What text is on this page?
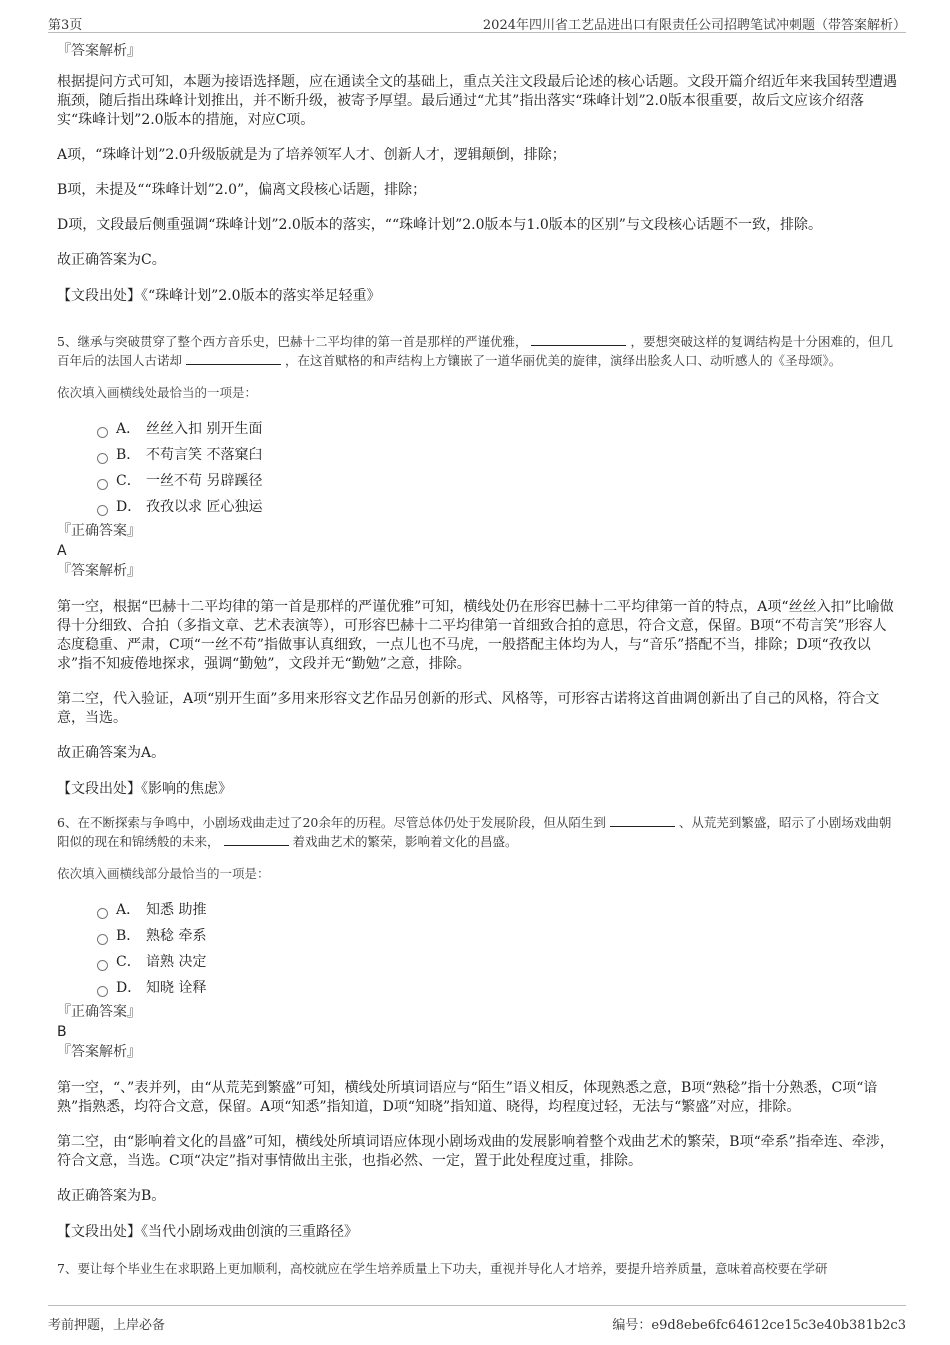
第3页	2024年四川省工艺品进出口有限责任公司招聘笔试冲刺题（带答案解析）

『答案解析』

根据提问方式可知，本题为接语选择题，应在通读全文的基础上，重点关注文段最后论述的核心话题。文段开篇介绍近年来我国转型遭遇瓶颈，随后指出珠峰计划推出，并不断升级，被寄予厚望。最后通过“尤其”指出落实“珠峰计划”2.0版本很重要，故后文应该介绍落实“珠峰计划”2.0版本的措施，对应C项。

A项，“珠峰计划”2.0升级版就是为了培养领军人才、创新人才，逻辑颠倒，排除；

B项，未提及““珠峰计划”2.0”，偏离文段核心话题，排除；

D项，文段最后侧重强调“珠峰计划”2.0版本的落实，““珠峰计划”2.0版本与1.0版本的区别”与文段核心话题不一致，排除。

故正确答案为C。

【文段出处】《“珠峰计划”2.0版本的落实举足轻重》

5、继承与突破贯穿了整个西方音乐史，巴赫十二平均律的第一首是那样的严谨优雅，	，要想突破这样的复调结构是十分困难的，但几百年后的法国人古诺却	，在这首赋格的和声结构上方镶嵌了一道华丽优美的旋律，演绎出脍炙人口、动听感人的《圣母颂》。

依次填入画横线处最恰当的一项是：

A． 丝丝入扣 别开生面
B． 不苟言笑 不落窠臼
C． 一丝不苟 另辟蹊径
D． 孜孜以求 匠心独运

『正确答案』

A

『答案解析』

第一空，根据“巴赫十二平均律的第一首是那样的严谨优雅”可知，横线处仍在形容巴赫十二平均律第一首的特点，A项“丝丝入扣”比喻做得十分细致、合拍（多指文章、艺术表演等），可形容巴赫十二平均律第一首细致合拍的意思，符合文意，保留。B项“不苟言笑”形容人态度稳重、严肃，C项“一丝不苟”指做事认真细致，一点儿也不马虎，一般搭配主体均为人，与“音乐”搭配不当，排除；D项“孜孜以求”指不知疲倦地探求，强调“勤勉”，文段并无“勤勉”之意，排除。

第二空，代入验证，A项“别开生面”多用来形容文艺作品另创新的形式、风格等，可形容古诺将这首曲调创新出了自己的风格，符合文意，当选。

故正确答案为A。

【文段出处】《影响的焦虑》

6、在不断探索与争鸣中，小剧场戏曲走过了20余年的历程。尽管总体仍处于发展阶段，但从陌生到	、从荒芜到繁盛，昭示了小剧场戏曲朝阳似的现在和锦绣般的未来，	着戏曲艺术的繁荣，影响着文化的昌盛。

依次填入画横线部分最恰当的一项是：

A． 知悉 助推
B． 熟稔 牵系
C． 谙熟 决定
D． 知晓 诠释

『正确答案』

B

『答案解析』

第一空，“、”表并列，由“从荒芜到繁盛”可知，横线处所填词语应与“陌生”语义相反，体现熟悉之意，B项“熟稔”指十分熟悉，C项“谙熟”指熟悉，均符合文意，保留。A项“知悉”指知道，D项“知晓”指知道、晓得，均程度过轻，无法与“繁盛”对应，排除。

第二空，由“影响着文化的昌盛”可知，横线处所填词语应体现小剧场戏曲的发展影响着整个戏曲艺术的繁荣，B项“牵系”指牵连、牵涉，符合文意，当选。C项“决定”指对事情做出主张，也指必然、一定，置于此处程度过重，排除。

故正确答案为B。

【文段出处】《当代小剧场戏曲创演的三重路径》

7、要让每个毕业生在求职路上更加顺利，高校就应在学生培养质量上下功夫，重视并导化人才培养，要提升培养质量，意味着高校要在学研

考前押题，上岸必备	编号：e9d8ebe6fc64612ce15c3e40b381b2c3
